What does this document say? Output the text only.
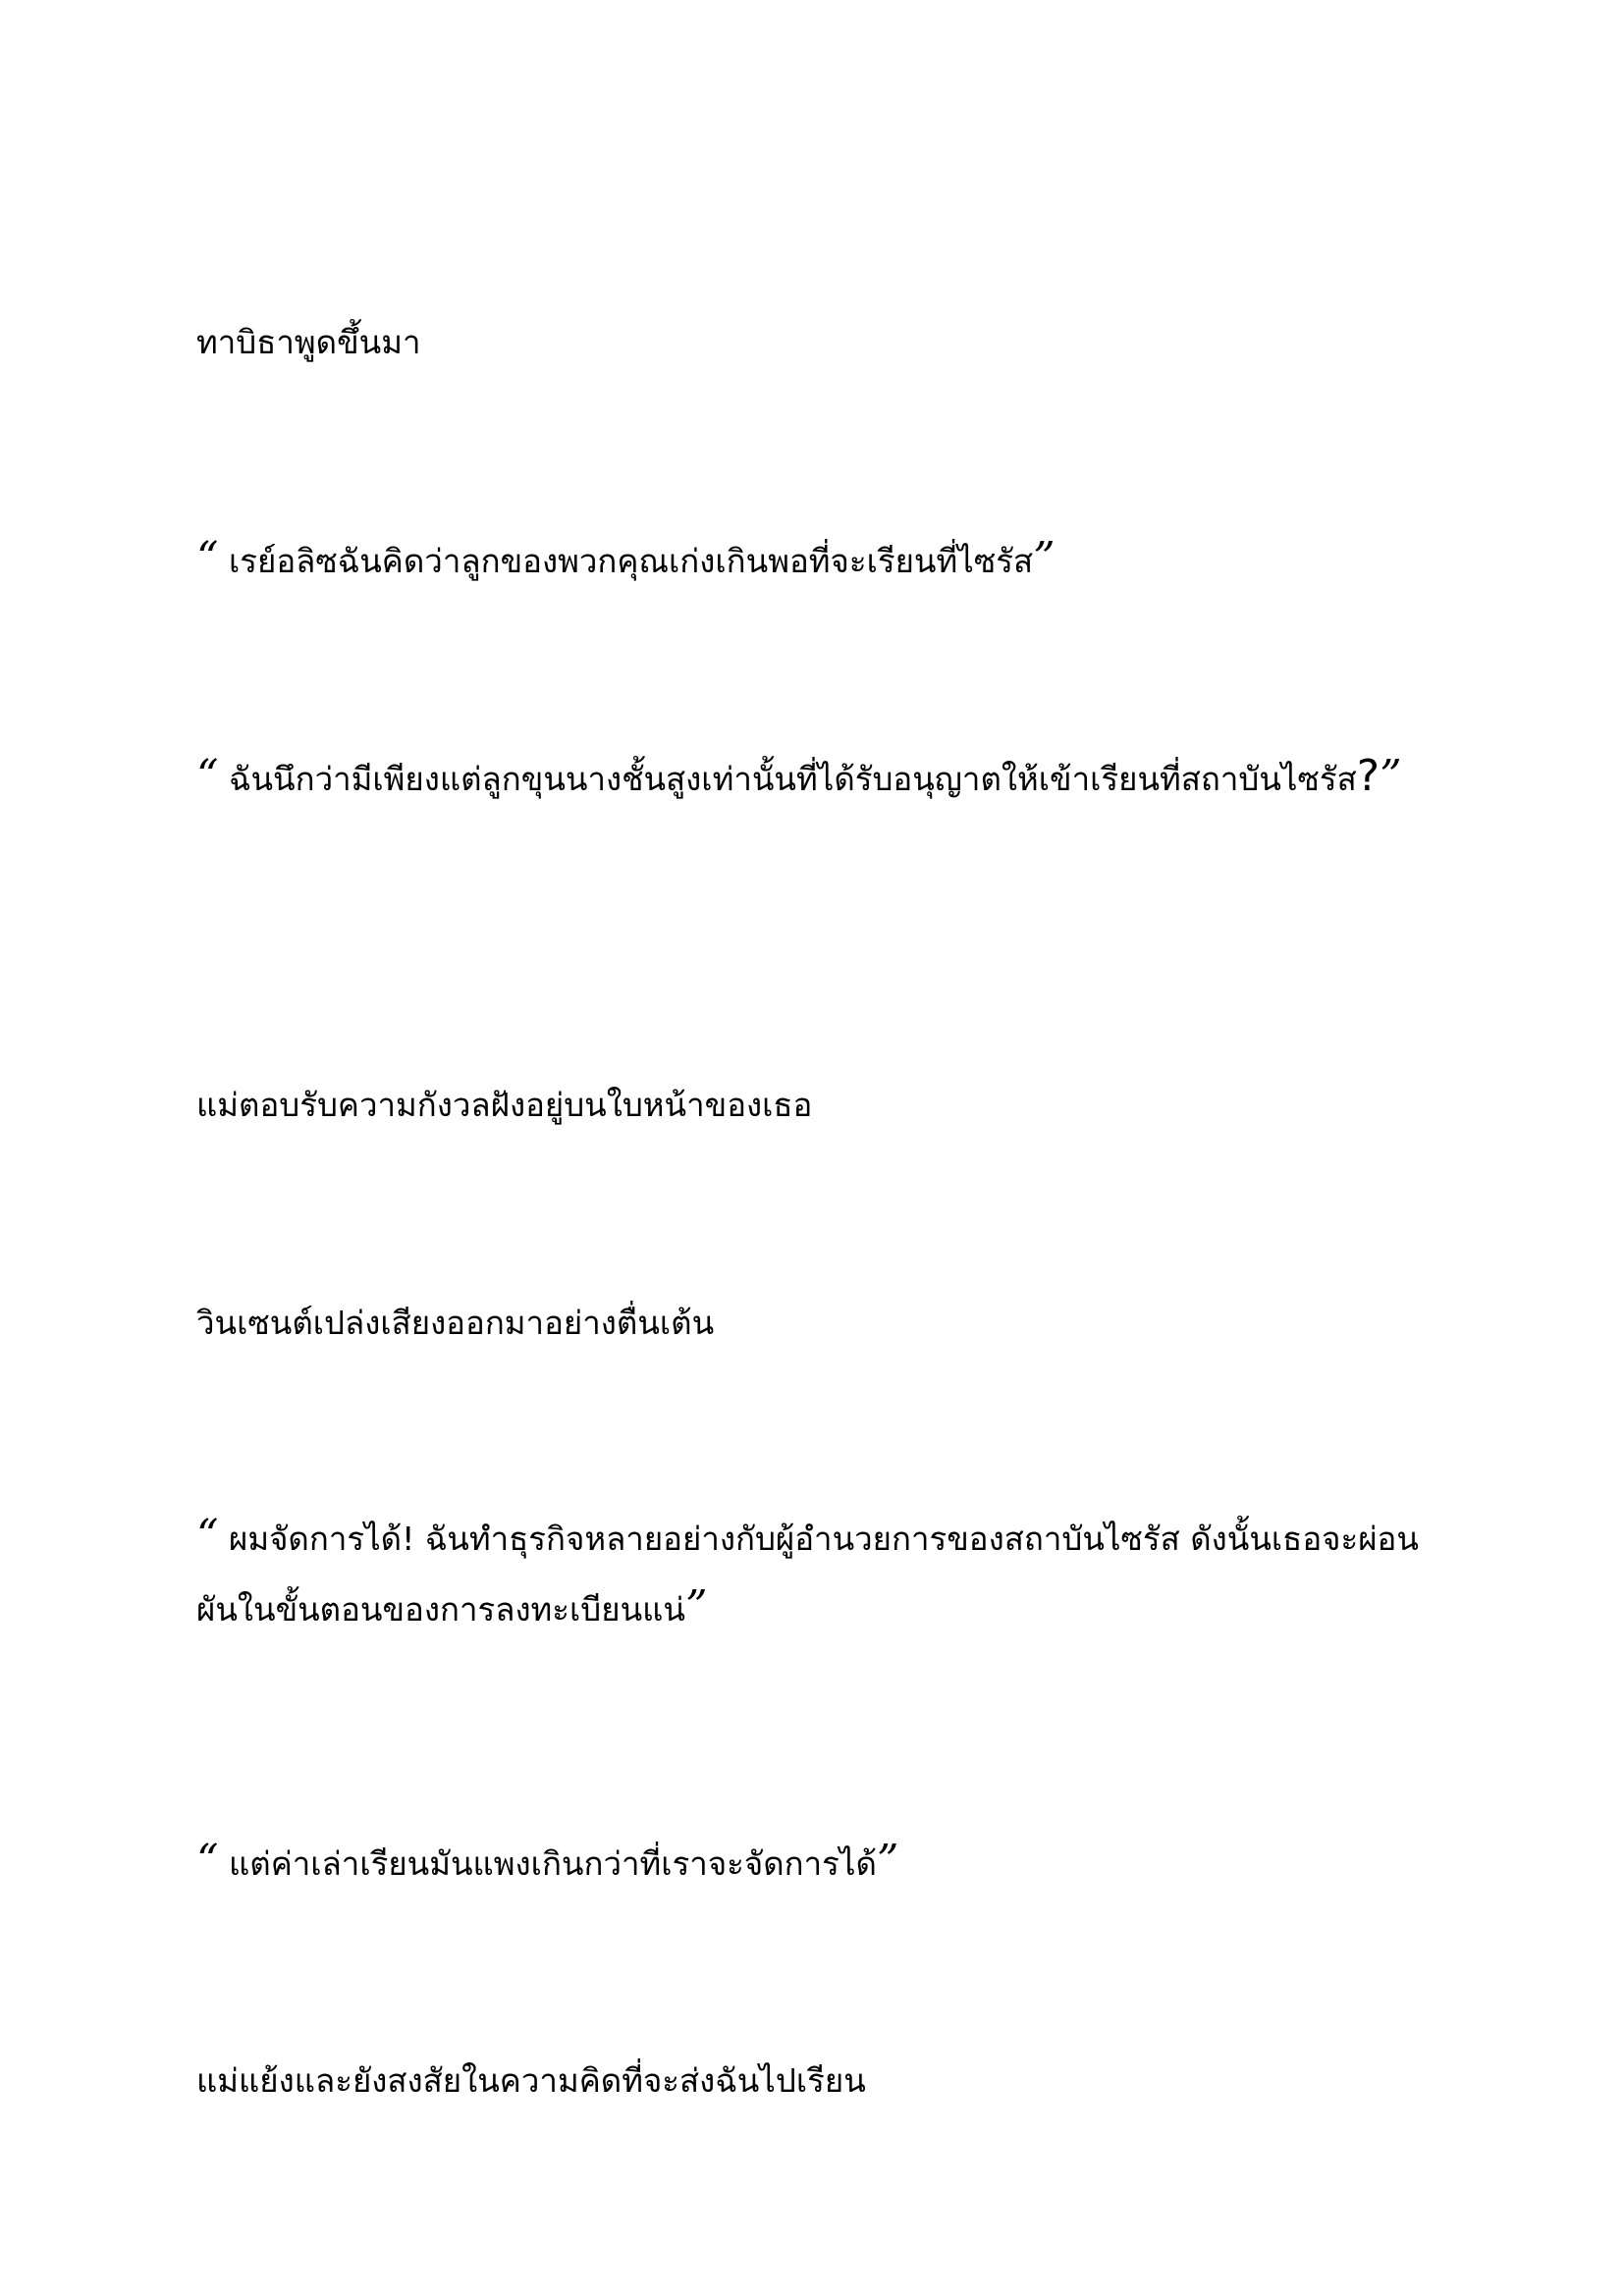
ทาบิธาพูดขึ้นมา

“ เรย์อลิซฉันคิดว่าลูกของพวกคุณเก่งเกินพอที่จะเรียนที่ไซรัส”

“ ฉันนึกว่ามีเพียงแต่ลูกขุนนางชั้นสูงเท่านั้นที่ได้รับอนุญาตให้เข้าเรียนที่สถาบันไซรัส?”

แม่ตอบรับความกังวลฝังอยู่บนใบหน้าของเธอ

วินเซนต์เปล่งเสียงออกมาอย่างตื่นเต้น

“ ผมจัดการได้! ฉันทำธุรกิจหลายอย่างกับผู้อำนวยการของสถาบันไซรัส ดังนั้นเธอจะผ่อนผันในขั้นตอนของการลงทะเบียนแน่”

“ แต่ค่าเล่าเรียนมันแพงเกินกว่าที่เราจะจัดการได้”

แม่แย้งและยังสงสัยในความคิดที่จะส่งฉันไปเรียน
